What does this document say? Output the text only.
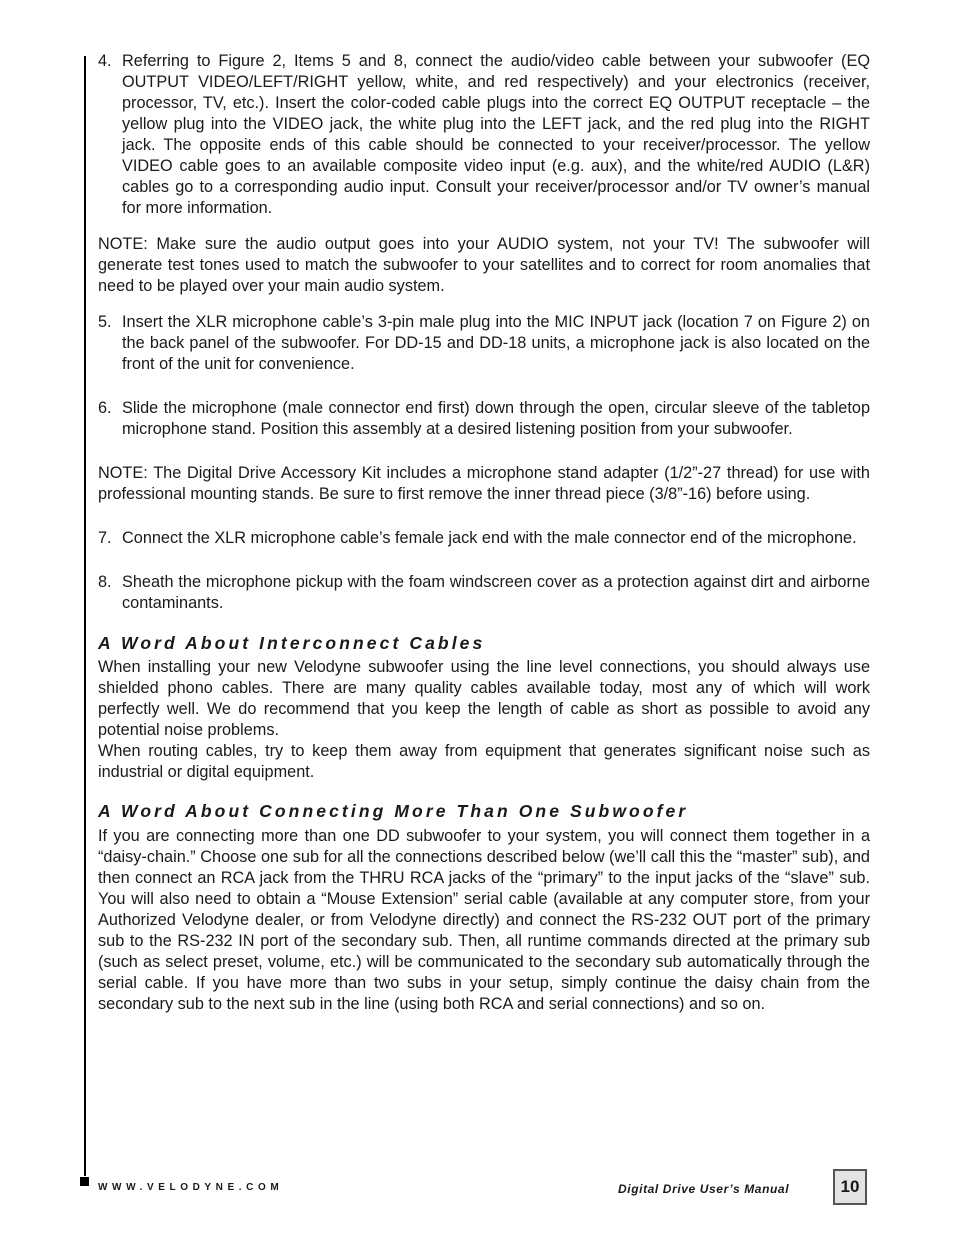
4. Referring to Figure 2, Items 5 and 8, connect the audio/video cable between your subwoofer (EQ OUTPUT VIDEO/LEFT/RIGHT yellow, white, and red respectively) and your electronics (receiver, processor, TV, etc.). Insert the color-coded cable plugs into the correct EQ OUTPUT receptacle – the yellow plug into the VIDEO jack, the white plug into the LEFT jack, and the red plug into the RIGHT jack. The opposite ends of this cable should be connected to your receiver/processor. The yellow VIDEO cable goes to an available composite video input (e.g. aux), and the white/red AUDIO (L&R) cables go to a corresponding audio input. Consult your receiver/processor and/or TV owner’s manual for more information.

NOTE: Make sure the audio output goes into your AUDIO system, not your TV! The subwoofer will generate test tones used to match the subwoofer to your satellites and to correct for room anomalies that need to be played over your main audio system.

5. Insert the XLR microphone cable’s 3-pin male plug into the MIC INPUT jack (location 7 on Figure 2) on the back panel of the subwoofer. For DD-15 and DD-18 units, a microphone jack is also located on the front of the unit for convenience.
6. Slide the microphone (male connector end first) down through the open, circular sleeve of the tabletop microphone stand. Position this assembly at a desired listening position from your subwoofer.

NOTE: The Digital Drive Accessory Kit includes a microphone stand adapter (1/2”-27 thread) for use with professional mounting stands. Be sure to first remove the inner thread piece (3/8”-16) before using.

7. Connect the XLR microphone cable’s female jack end with the male connector end of the microphone.
8. Sheath the microphone pickup with the foam windscreen cover as a protection against dirt and airborne contaminants.
A Word About Interconnect Cables

When installing your new Velodyne subwoofer using the line level connections, you should always use shielded phono cables. There are many quality cables available today, most any of which will work perfectly well. We do recommend that you keep the length of cable as short as possible to avoid any potential noise problems.

When routing cables, try to keep them away from equipment that generates significant noise such as industrial or digital equipment.

A Word About Connecting More Than One Subwoofer

If you are connecting more than one DD subwoofer to your system, you will connect them together in a “daisy-chain.” Choose one sub for all the connections described below (we’ll call this the “master” sub), and then connect an RCA jack from the THRU RCA jacks of the “primary” to the input jacks of the “slave” sub. You will also need to obtain a “Mouse Extension” serial cable (available at any computer store, from your Authorized Velodyne dealer, or from Velodyne directly) and connect the RS-232 OUT port of the primary sub to the RS-232 IN port of the secondary sub. Then, all runtime commands directed at the primary sub (such as select preset, volume, etc.) will be communicated to the secondary sub automatically through the serial cable. If you have more than two subs in your setup, simply continue the daisy chain from the secondary sub to the next sub in the line (using both RCA and serial connections) and so on.

WWW.VELODYNE.COM	Digital Drive User’s Manual	10
